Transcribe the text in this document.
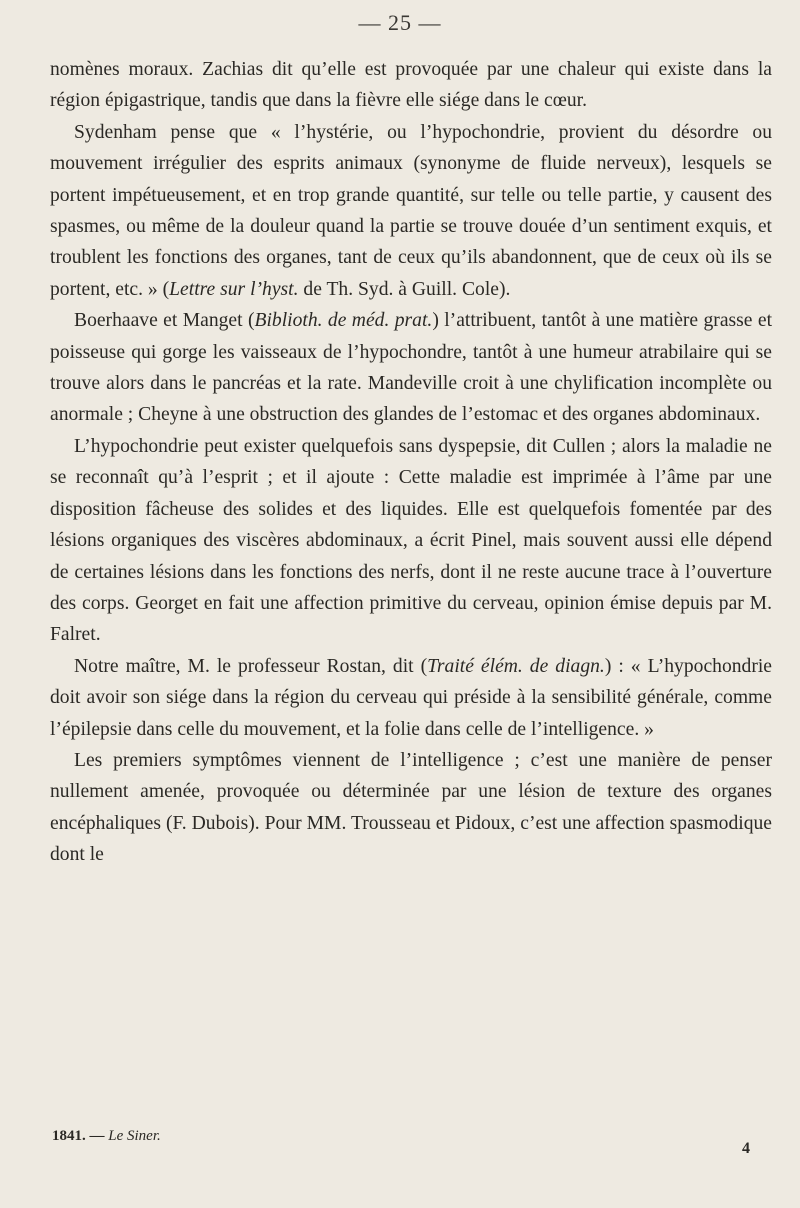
— 25 —

nomènes moraux. Zachias dit qu’elle est provoquée par une chaleur qui existe dans la région épigastrique, tandis que dans la fièvre elle siége dans le cœur.

Sydenham pense que « l’hystérie, ou l’hypochondrie, provient du désordre ou mouvement irrégulier des esprits animaux (synonyme de fluide nerveux), lesquels se portent impétueusement, et en trop grande quantité, sur telle ou telle partie, y causent des spasmes, ou même de la douleur quand la partie se trouve douée d’un sentiment exquis, et troublent les fonctions des organes, tant de ceux qu’ils abandonnent, que de ceux où ils se portent, etc. » (Lettre sur l’hyst. de Th. Syd. à Guill. Cole).

Boerhaave et Manget (Biblioth. de méd. prat.) l’attribuent, tantôt à une matière grasse et poisseuse qui gorge les vaisseaux de l’hypochondre, tantôt à une humeur atrabilaire qui se trouve alors dans le pancréas et la rate. Mandeville croit à une chylification incomplète ou anormale ; Cheyne à une obstruction des glandes de l’estomac et des organes abdominaux.

L’hypochondrie peut exister quelquefois sans dyspepsie, dit Cullen ; alors la maladie ne se reconnaît qu’à l’esprit ; et il ajoute : Cette maladie est imprimée à l’âme par une disposition fâcheuse des solides et des liquides. Elle est quelquefois fomentée par des lésions organiques des viscères abdominaux, a écrit Pinel, mais souvent aussi elle dépend de certaines lésions dans les fonctions des nerfs, dont il ne reste aucune trace à l’ouverture des corps. Georget en fait une affection primitive du cerveau, opinion émise depuis par M. Falret.

Notre maître, M. le professeur Rostan, dit (Traité élém. de diagn.) : « L’hypochondrie doit avoir son siége dans la région du cerveau qui préside à la sensibilité générale, comme l’épilepsie dans celle du mouvement, et la folie dans celle de l’intelligence. »

Les premiers symptômes viennent de l’intelligence ; c’est une manière de penser nullement amenée, provoquée ou déterminée par une lésion de texture des organes encéphaliques (F. Dubois). Pour MM. Trousseau et Pidoux, c’est une affection spasmodique dont le

1841. — Le Siner.
4
